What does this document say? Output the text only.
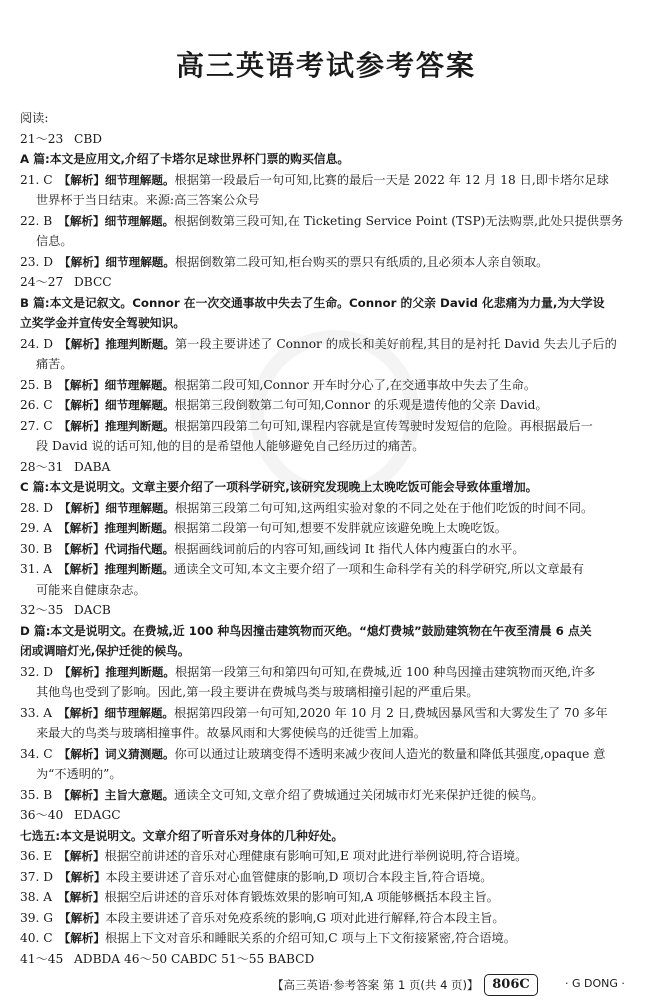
高三英语考试参考答案
阅读:
21～23 CBD
A 篇:本文是应用文,介绍了卡塔尔足球世界杯门票的购买信息。
21. C 【解析】细节理解题。根据第一段最后一句可知,比赛的最后一天是 2022 年 12 月 18 日,即卡塔尔足球
世界杯于当日结束。来源:高三答案公众号
22. B 【解析】细节理解题。根据倒数第三段可知,在 Ticketing Service Point (TSP)无法购票,此处只提供票务
信息。
23. D 【解析】细节理解题。根据倒数第二段可知,柜台购买的票只有纸质的,且必须本人亲自领取。
24～27 DBCC
B 篇:本文是记叙文。Connor 在一次交通事故中失去了生命。Connor 的父亲 David 化悲痛为力量,为大学设
立奖学金并宣传安全驾驶知识。
24. D 【解析】推理判断题。第一段主要讲述了 Connor 的成长和美好前程,其目的是衬托 David 失去儿子后的
痛苦。
25. B 【解析】细节理解题。根据第二段可知,Connor 开车时分心了,在交通事故中失去了生命。
26. C 【解析】细节理解题。根据第三段倒数第二句可知,Connor 的乐观是遗传他的父亲 David。
27. C 【解析】推理判断题。根据第四段第二句可知,课程内容就是宣传驾驶时发短信的危险。再根据最后一
段 David 说的话可知,他的目的是希望他人能够避免自己经历过的痛苦。
28～31 DABA
C 篇:本文是说明文。文章主要介绍了一项科学研究,该研究发现晚上太晚吃饭可能会导致体重增加。
28. D 【解析】细节理解题。根据第三段第二句可知,这两组实验对象的不同之处在于他们吃饭的时间不同。
29. A 【解析】推理判断题。根据第二段第一句可知,想要不发胖就应该避免晚上太晚吃饭。
30. B 【解析】代词指代题。根据画线词前后的内容可知,画线词 It 指代人体内瘦蛋白的水平。
31. A 【解析】推理判断题。通读全文可知,本文主要介绍了一项和生命科学有关的科学研究,所以文章最有
可能来自健康杂志。
32～35 DACB
D 篇:本文是说明文。在费城,近 100 种鸟因撞击建筑物而灭绝。“熄灯费城”鼓励建筑物在午夜至清晨 6 点关
闭或调暗灯光,保护迁徙的候鸟。
32. D 【解析】推理判断题。根据第一段第三句和第四句可知,在费城,近 100 种鸟因撞击建筑物而灭绝,许多
其他鸟也受到了影响。因此,第一段主要讲在费城鸟类与玻璃相撞引起的严重后果。
33. A 【解析】细节理解题。根据第四段第一句可知,2020 年 10 月 2 日,费城因暴风雪和大雾发生了 70 多年
来最大的鸟类与玻璃相撞事件。故暴风雨和大雾使候鸟的迁徙雪上加霜。
34. C 【解析】词义猜测题。你可以通过让玻璃变得不透明来减少夜间人造光的数量和降低其强度,opaque 意
为“不透明的”。
35. B 【解析】主旨大意题。通读全文可知,文章介绍了费城通过关闭城市灯光来保护迁徙的候鸟。
36～40 EDAGC
七选五:本文是说明文。文章介绍了听音乐对身体的几种好处。
36. E 【解析】根据空前讲述的音乐对心理健康有影响可知,E 项对此进行举例说明,符合语境。
37. D 【解析】本段主要讲述了音乐对心血管健康的影响,D 项切合本段主旨,符合语境。
38. A 【解析】根据空后讲述的音乐对体育锻炼效果的影响可知,A 项能够概括本段主旨。
39. G 【解析】本段主要讲述了音乐对免疫系统的影响,G 项对此进行解释,符合本段主旨。
40. C 【解析】根据上下文对音乐和睡眠关系的介绍可知,C 项与上下文衔接紧密,符合语境。
41～45 ADBDA 46～50 CABDC 51～55 BABCD
【高三英语·参考答案 第 1 页(共 4 页)】	806C	· G DONG ·
